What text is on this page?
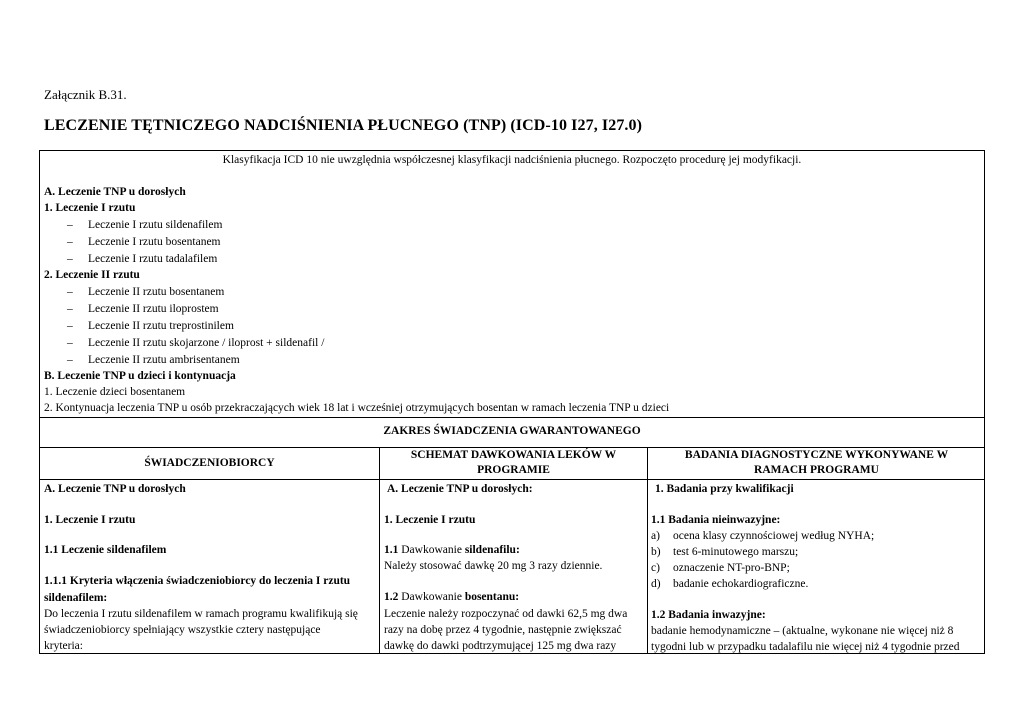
Załącznik B.31.
LECZENIE TĘTNICZEGO NADCIŚNIENIA PŁUCNEGO (TNP) (ICD-10 I27, I27.0)
Klasyfikacja ICD 10 nie uwzględnia współczesnej klasyfikacji nadciśnienia płucnego. Rozpoczęto procedurę jej modyfikacji.
A. Leczenie TNP u dorosłych
1. Leczenie I rzutu
– Leczenie I rzutu sildenafilem
– Leczenie I rzutu bosentanem
– Leczenie I rzutu tadalafilem
2. Leczenie II rzutu
– Leczenie II rzutu bosentanem
– Leczenie II rzutu iloprostem
– Leczenie II rzutu treprostinilem
– Leczenie II rzutu skojarzone / iloprost + sildenafil /
– Leczenie II rzutu ambrisentanem
B. Leczenie TNP u dzieci i kontynuacja
1. Leczenie dzieci bosentanem
2. Kontynuacja leczenia TNP u osób przekraczających wiek 18 lat i wcześniej otrzymujących bosentan w ramach leczenia TNP u dzieci
ZAKRES ŚWIADCZENIA GWARANTOWANEGO
ŚWIADCZENIOBIORCY
SCHEMAT DAWKOWANIA LEKÓW W
PROGRAMIE
BADANIA DIAGNOSTYCZNE WYKONYWANE W
RAMACH PROGRAMU
A. Leczenie TNP u dorosłych
1. Leczenie I rzutu
1.1 Leczenie sildenafilem
1.1.1 Kryteria włączenia świadczeniobiorcy do leczenia I rzutu
sildenafilem:
Do leczenia I rzutu sildenafilem w ramach programu kwalifikują się
świadczeniobiorcy spełniający wszystkie cztery następujące
kryteria:
A. Leczenie TNP u dorosłych:
1. Leczenie I rzutu
1.1 Dawkowanie sildenafilu:
Należy stosować dawkę 20 mg 3 razy dziennie.
1.2 Dawkowanie bosentanu:
Leczenie należy rozpoczynać od dawki 62,5 mg dwa
razy na dobę przez 4 tygodnie, następnie zwiększać
dawkę do dawki podtrzymującej 125 mg dwa razy
1. Badania przy kwalifikacji
1.1 Badania nieinwazyjne:
a) ocena klasy czynnościowej według NYHA;
b) test 6-minutowego marszu;
c) oznaczenie NT-pro-BNP;
d) badanie echokardiograficzne.
1.2 Badania inwazyjne:
badanie hemodynamiczne – (aktualne, wykonane nie więcej niż 8
tygodni lub w przypadku tadalafilu nie więcej niż 4 tygodnie przed
